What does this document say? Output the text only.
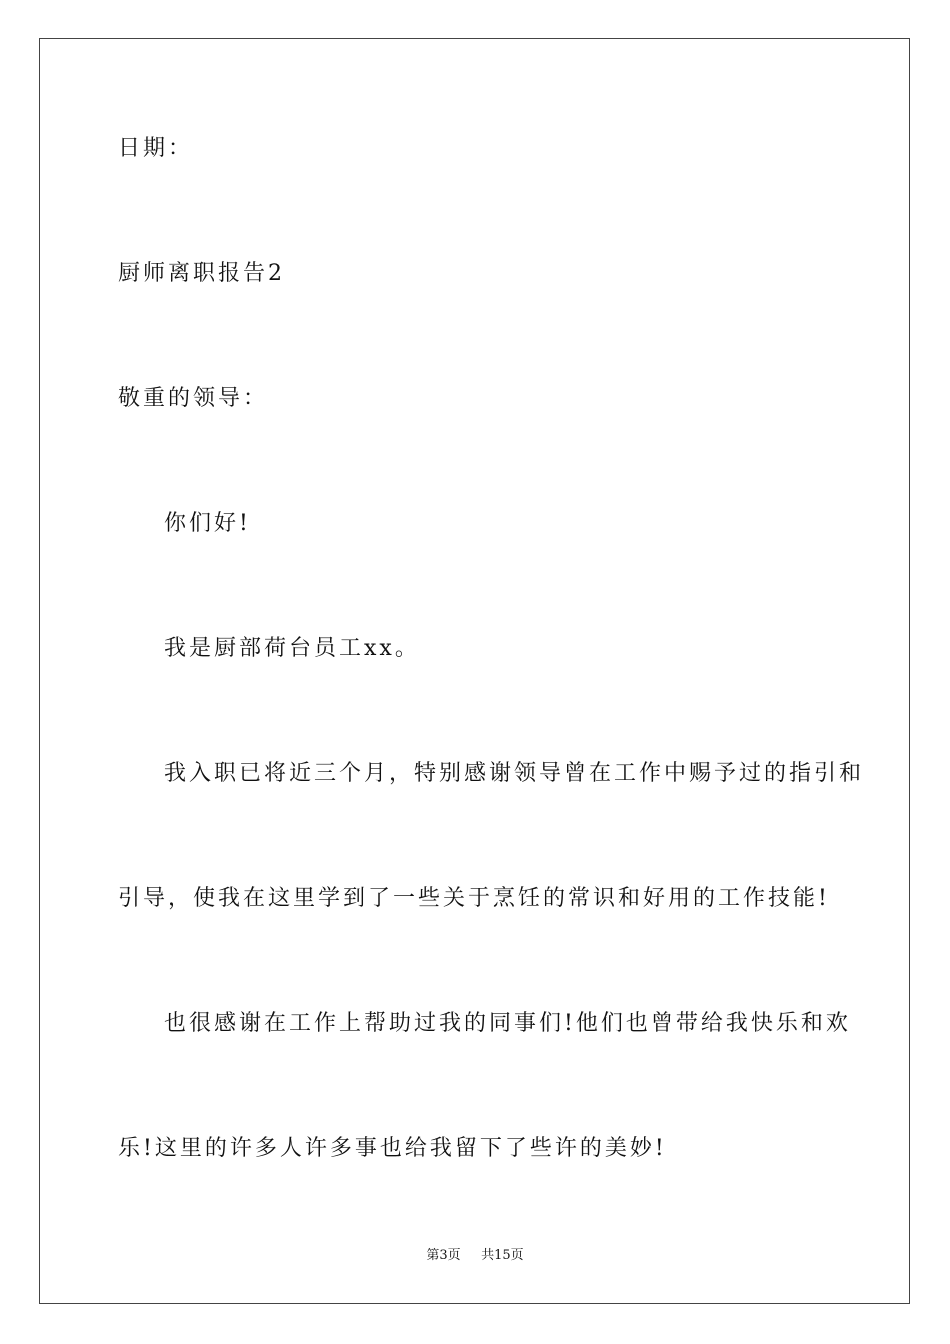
日期：
厨师离职报告2
敬重的领导：
你们好!
我是厨部荷台员工xx。
我入职已将近三个月，特别感谢领导曾在工作中赐予过的指引和
引导，使我在这里学到了一些关于烹饪的常识和好用的工作技能!
也很感谢在工作上帮助过我的同事们!他们也曾带给我快乐和欢
乐!这里的许多人许多事也给我留下了些许的美妙!
第3页 共15页
